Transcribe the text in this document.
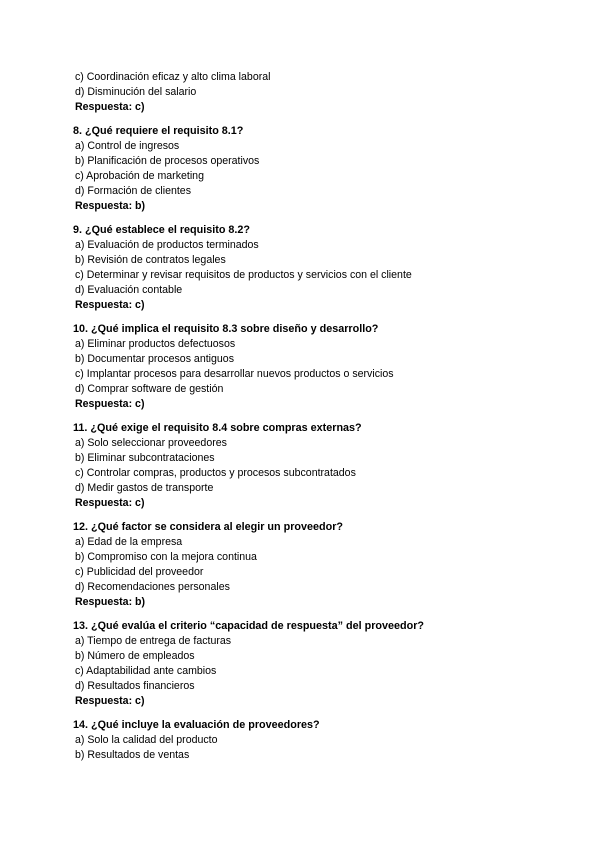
c) Coordinación eficaz y alto clima laboral
d) Disminución del salario
Respuesta: c)
8. ¿Qué requiere el requisito 8.1?
a) Control de ingresos
b) Planificación de procesos operativos
c) Aprobación de marketing
d) Formación de clientes
Respuesta: b)
9. ¿Qué establece el requisito 8.2?
a) Evaluación de productos terminados
b) Revisión de contratos legales
c) Determinar y revisar requisitos de productos y servicios con el cliente
d) Evaluación contable
Respuesta: c)
10. ¿Qué implica el requisito 8.3 sobre diseño y desarrollo?
a) Eliminar productos defectuosos
b) Documentar procesos antiguos
c) Implantar procesos para desarrollar nuevos productos o servicios
d) Comprar software de gestión
Respuesta: c)
11. ¿Qué exige el requisito 8.4 sobre compras externas?
a) Solo seleccionar proveedores
b) Eliminar subcontrataciones
c) Controlar compras, productos y procesos subcontratados
d) Medir gastos de transporte
Respuesta: c)
12. ¿Qué factor se considera al elegir un proveedor?
a) Edad de la empresa
b) Compromiso con la mejora continua
c) Publicidad del proveedor
d) Recomendaciones personales
Respuesta: b)
13. ¿Qué evalúa el criterio “capacidad de respuesta” del proveedor?
a) Tiempo de entrega de facturas
b) Número de empleados
c) Adaptabilidad ante cambios
d) Resultados financieros
Respuesta: c)
14. ¿Qué incluye la evaluación de proveedores?
a) Solo la calidad del producto
b) Resultados de ventas
